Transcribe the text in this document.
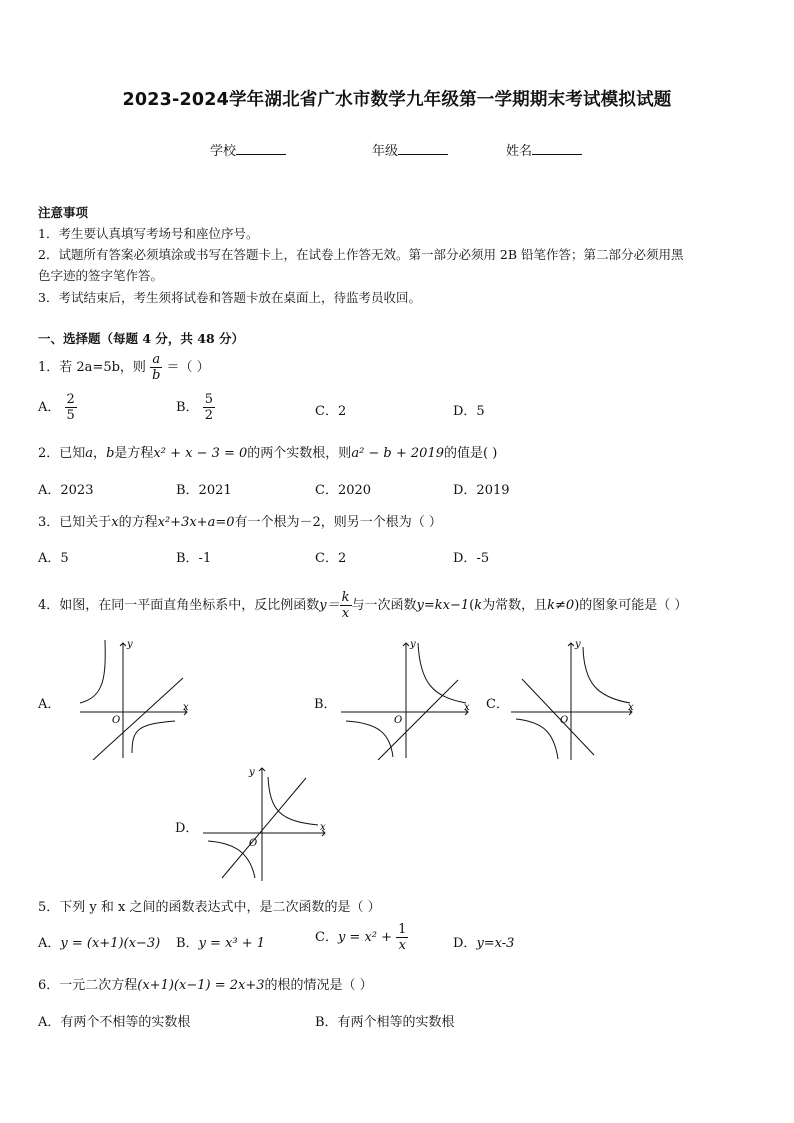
2023-2024学年湖北省广水市数学九年级第一学期期末考试模拟试题
学校	年级	姓名
注意事项
1．考生要认真填写考场号和座位序号。
2．试题所有答案必须填涂或书写在答题卡上，在试卷上作答无效。第一部分必须用 2B 铅笔作答；第二部分必须用黑
色字迹的签字笔作答。
3．考试结束后，考生须将试卷和答题卡放在桌面上，待监考员收回。
一、选择题（每题 4 分，共 48 分）
1．若 2a=5b，则 $\frac{a}{b}$ ＝（ ）
A． $\frac{2}{5}$	B． $\frac{5}{2}$	C．2	D．5
2．已知a，b是方程x² + x − 3 = 0的两个实数根，则a² − b + 2019的值是( )
A．2023	B．2021	C．2020	D．2019
3．已知关于x的方程x²+3x+a=0有一个根为－2，则另一个根为（ ）
A．5	B．-1	C．2	D．-5
4．如图，在同一平面直角坐标系中，反比例函数$y= \frac{k}{x}$ 与一次函数y=kx−1(k为常数，且k≠0)的图象可能是（ ）
A．	B．	C．
D．
y
x
O
y
x
O
y
x
O
y
x
O
5．下列 y 和 x 之间的函数表达式中，是二次函数的是（ ）
A．y = (x+1)(x−3) B．y = x³ + 1	C．$y = x^2 + \frac{1}{x}$	D．y=x-3
6．一元二次方程(x+1)(x−1) = 2x+3的根的情况是（ ）
A．有两个不相等的实数根	B．有两个相等的实数根
